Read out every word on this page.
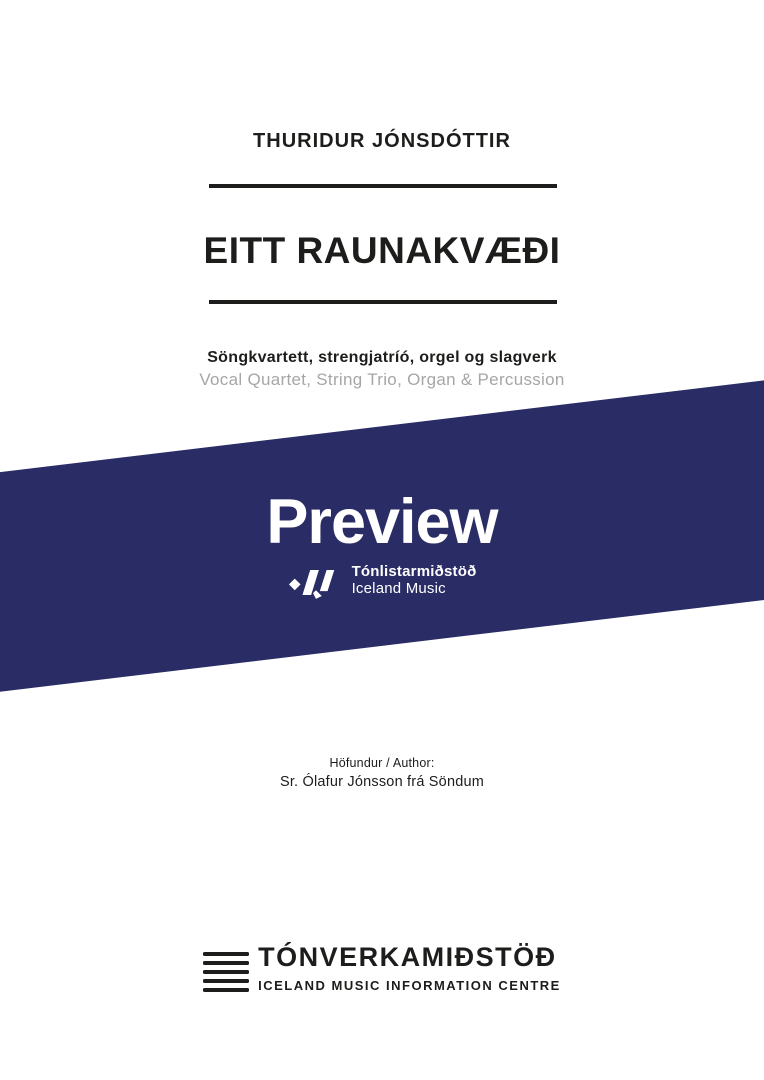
THURIDUR JÓNSDÓTTIR
EITT RAUNAKVÆÐI
Söngkvartett, strengjatríó, orgel og slagverk
Vocal Quartet, String Trio, Organ & Percussion
Preview
Tónlistarmiðstöð
Iceland Music
Höfundur / Author:
Sr. Ólafur Jónsson frá Söndum
TÓNVERKAMIÐSTÖÐ
ICELAND MUSIC INFORMATION CENTRE
